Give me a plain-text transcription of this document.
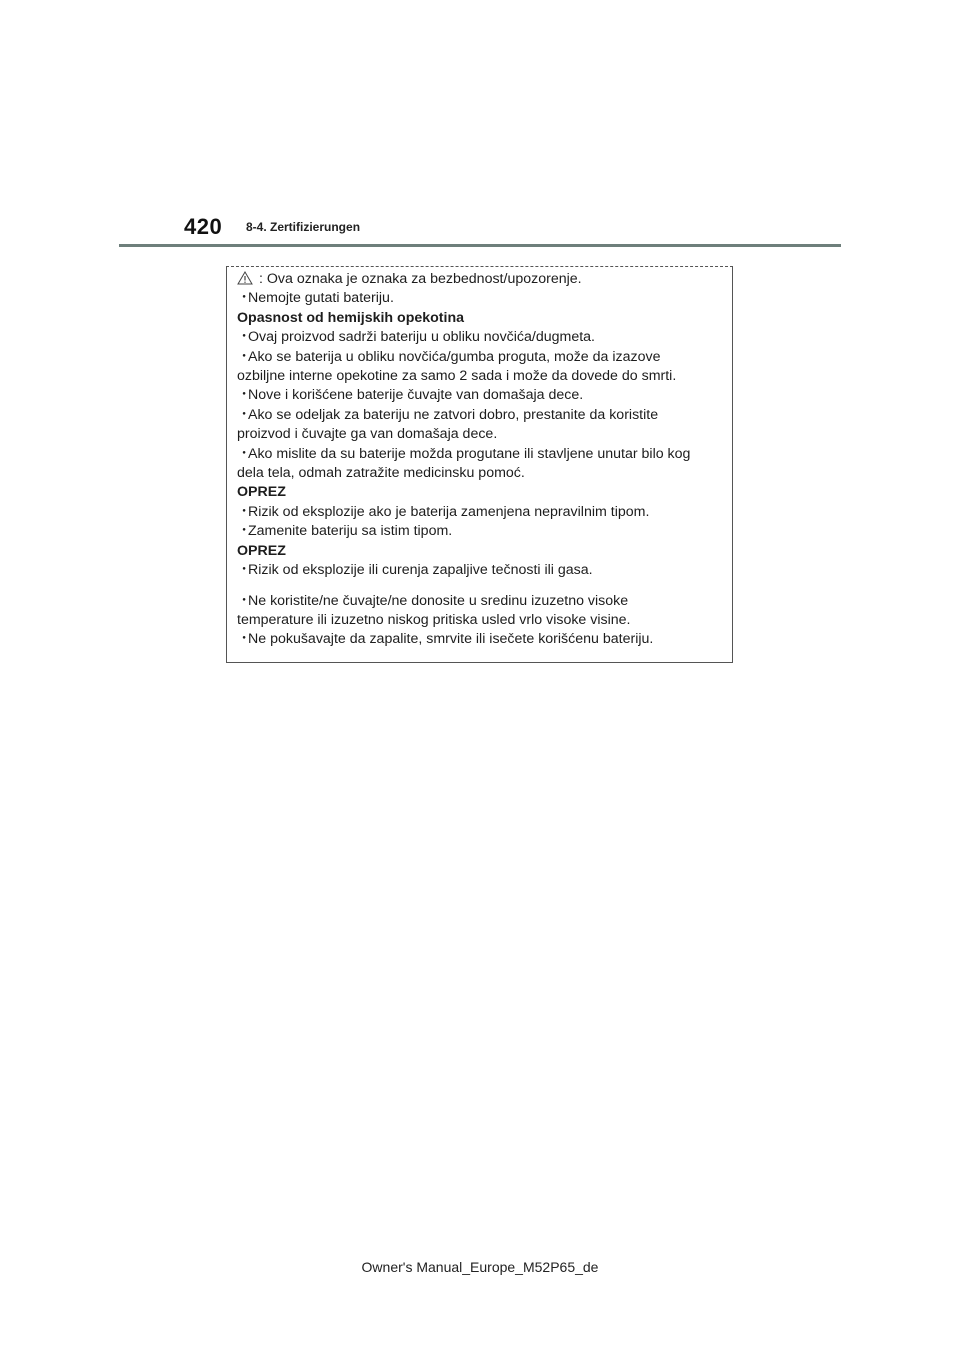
420 8-4. Zertifizierungen
: Ova oznaka je oznaka za bezbednost/upozorenje.
・Nemojte gutati bateriju.
Opasnost od hemijskih opekotina
・Ovaj proizvod sadrži bateriju u obliku novčića/dugmeta.
・Ako se baterija u obliku novčića/gumba proguta, može da izazove
ozbiljne interne opekotine za samo 2 sada i može da dovede do smrti.
・Nove i korišćene baterije čuvajte van domašaja dece.
・Ako se odeljak za bateriju ne zatvori dobro, prestanite da koristite
proizvod i čuvajte ga van domašaja dece.
・Ako mislite da su baterije možda progutane ili stavljene unutar bilo kog
dela tela, odmah zatražite medicinsku pomoć.
OPREZ
・Rizik od eksplozije ako je baterija zamenjena nepravilnim tipom.
・Zamenite bateriju sa istim tipom.
OPREZ
・Rizik od eksplozije ili curenja zapaljive tečnosti ili gasa.
・Ne koristite/ne čuvajte/ne donosite u sredinu izuzetno visoke
temperature ili izuzetno niskog pritiska usled vrlo visoke visine.
・Ne pokušavajte da zapalite, smrvite ili isečete korišćenu bateriju.
Owner's Manual_Europe_M52P65_de
